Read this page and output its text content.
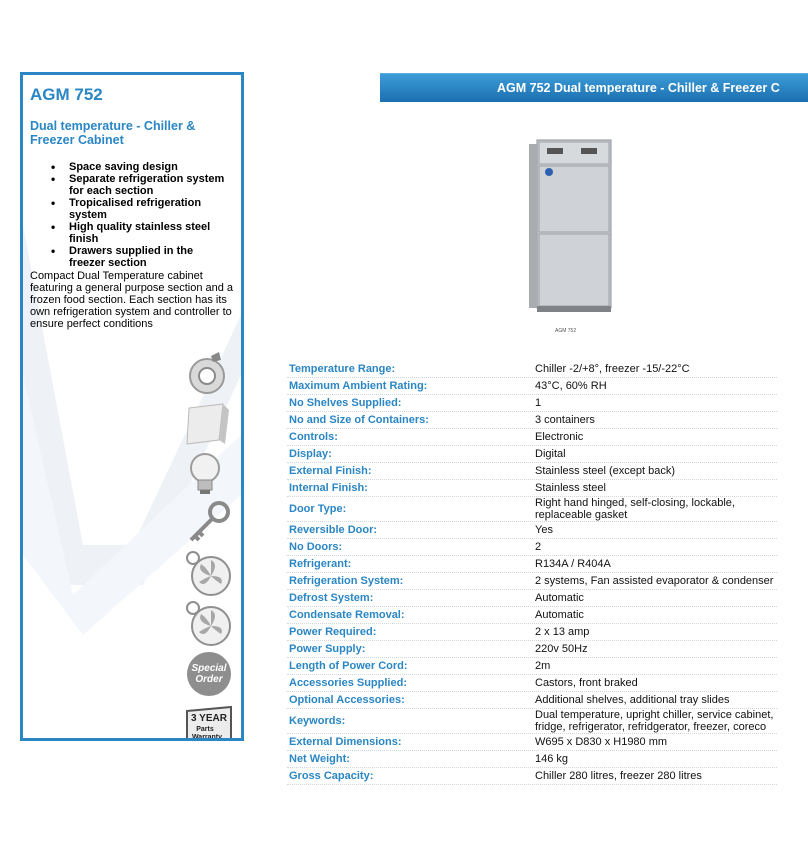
AGM 752
Dual temperature - Chiller & Freezer Cabinet
• Space saving design
• Separate refrigeration system for each section
• Tropicalised refrigeration system
• High quality stainless steel finish
• Drawers supplied in the freezer section

Compact Dual Temperature cabinet featuring a general purpose section and a frozen food section. Each section has its own refrigeration system and controller to ensure perfect conditions

Special
Order
3 YEAR
Parts
Warranty
AGM 752 Dual temperature - Chiller & Freezer C
AGM 752
Temperature Range:	Chiller -2/+8°, freezer -15/-22°C
Maximum Ambient Rating:	43°C, 60% RH
No Shelves Supplied:	1
No and Size of Containers:	3 containers
Controls:	Electronic
Display:	Digital
External Finish:	Stainless steel (except back)
Internal Finish:	Stainless steel
Door Type:	Right hand hinged, self-closing, lockable, replaceable gasket
Reversible Door:	Yes
No Doors:	2
Refrigerant:	R134A / R404A
Refrigeration System:	2 systems, Fan assisted evaporator & condenser
Defrost System:	Automatic
Condensate Removal:	Automatic
Power Required:	2 x 13 amp
Power Supply:	220v 50Hz
Length of Power Cord:	2m
Accessories Supplied:	Castors, front braked
Optional Accessories:	Additional shelves, additional tray slides
Keywords:	Dual temperature, upright chiller, service cabinet, fridge, refrigerator, refridgerator, freezer, coreco
External Dimensions:	W695 x D830 x H1980 mm
Net Weight:	146 kg
Gross Capacity:	Chiller 280 litres, freezer 280 litres
